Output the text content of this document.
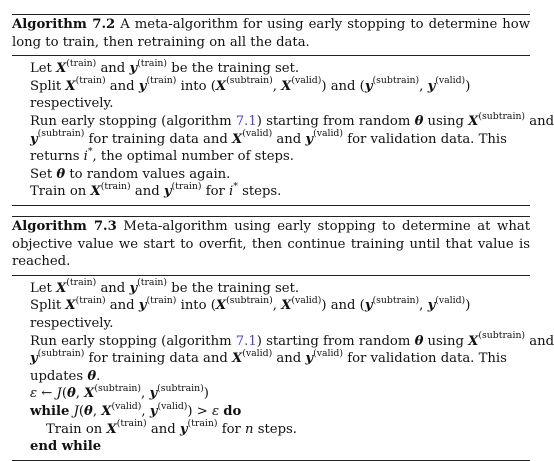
Algorithm 7.2 A meta-algorithm for using early stopping to determine how long to train, then retraining on all the data.
Let $X^{(train)}$ and $y^{(train)}$ be the training set.
Split $X^{(train)}$ and $y^{(train)}$ into ($X^{(subtrain)}$, $X^{(valid)}$) and ($y^{(subtrain)}$, $y^{(valid)}$)
respectively.
Run early stopping (algorithm 7.1) starting from random θ using $X^{(subtrain)}$ and
$y^{(subtrain)}$ for training data and $X^{(valid)}$ and $y^{(valid)}$ for validation data. This
returns i*, the optimal number of steps.
Set θ to random values again.
Train on $X^{(train)}$ and $y^{(train)}$ for i* steps.
Algorithm 7.3 Meta-algorithm using early stopping to determine at what objective value we start to overfit, then continue training until that value is reached.
Let $X^{(train)}$ and $y^{(train)}$ be the training set.
Split $X^{(train)}$ and $y^{(train)}$ into ($X^{(subtrain)}$, $X^{(valid)}$) and ($y^{(subtrain)}$, $y^{(valid)}$)
respectively.
Run early stopping (algorithm 7.1) starting from random θ using $X^{(subtrain)}$ and
$y^{(subtrain)}$ for training data and $X^{(valid)}$ and $y^{(valid)}$ for validation data. This
updates θ.
ε ← J(θ, $X^{(subtrain)}$, $y^{(subtrain)}$)
while J(θ, $X^{(valid)}$, $y^{(valid)}) > \varepsilon$ do
Train on $X^{(train)}$ and $y^{(train)}$ for n steps.
end while
